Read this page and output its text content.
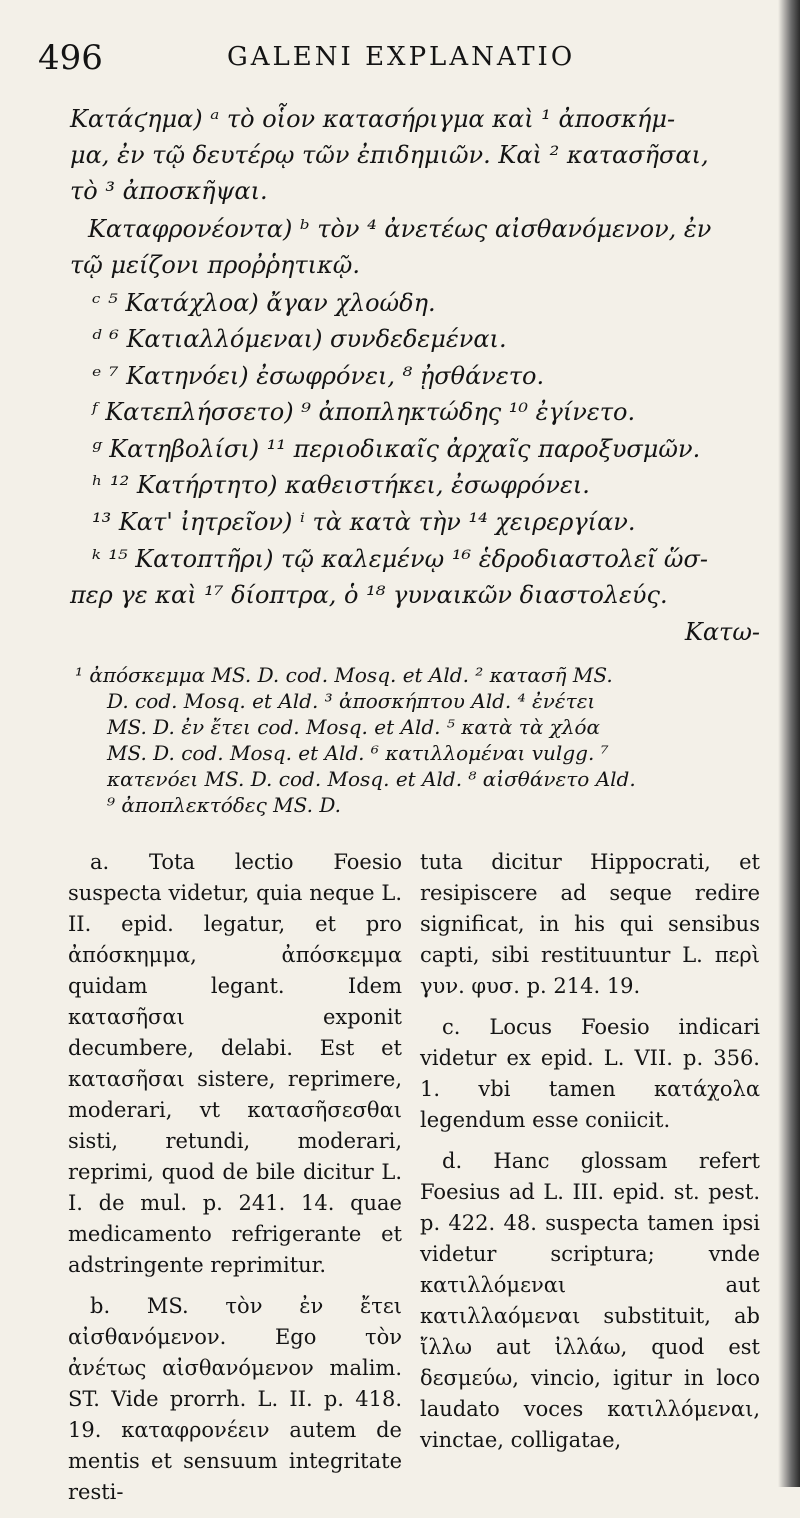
496	GALENI EXPLANATIO
Κατάϛημα) ᵃ τὸ οἷον κατασήριγμα καὶ ¹ ἀποσκήμ-
μα, ἐν τῷ δευτέρῳ τῶν ἐπιδημιῶν. Καὶ ² κατασῆσαι,
τὸ ³ ἀποσκῆψαι.
Καταφρονέοντα) ᵇ τὸν ⁴ ἀνετέως αἰσθανόμενον, ἐν
τῷ μείζονι προῤῥητικῷ.
ᶜ ⁵ Κατάχλοα) ἄγαν χλοώδη.
ᵈ ⁶ Κατιαλλόμεναι) συνδεδεμέναι.
ᵉ ⁷ Κατηνόει) ἐσωφρόνει, ⁸ ᾐσθάνετο.
ᶠ Κατεπλήσσετο) ⁹ ἀποπληκτώδης ¹⁰ ἐγίνετο.
ᵍ Κατηβολίσι) ¹¹ περιοδικαῖς ἀρχαῖς παροξυσμῶν.
ʰ ¹² Κατήρτητο) καθειστήκει, ἐσωφρόνει.
¹³ Κατ' ἰητρεῖον) ⁱ τὰ κατὰ τὴν ¹⁴ χειρεργίαν.
ᵏ ¹⁵ Κατοπτῆρι) τῷ καλεμένῳ ¹⁶ ἑδροδιαστολεῖ ὥσ-
περ γε καὶ ¹⁷ δίοπτρα, ὁ ¹⁸ γυναικῶν διαστολεύς.
Κατω-
¹ ἀπόσκεμμα MS. D. cod. Mosq. et Ald. ² κατασῆ MS.
D. cod. Mosq. et Ald. ³ ἀποσκήπτου Ald. ⁴ ἐνέτει
MS. D. ἐν ἔτει cod. Mosq. et Ald. ⁵ κατὰ τὰ χλόα
MS. D. cod. Mosq. et Ald. ⁶ κατιλλομέναι vulgg. ⁷
κατενόει MS. D. cod. Mosq. et Ald. ⁸ αἰσθάνετο Ald.
⁹ ἀποπλεκτόδες MS. D.

a. Tota lectio Foesio suspecta videtur, quia neque L. II. epid. legatur, et pro ἀπόσκημμα, ἀπόσκεμμα quidam legant. Idem κατασῆσαι exponit decumbere, delabi. Est et κατασῆσαι sistere, reprimere, moderari, vt κατασῆσεσθαι sisti, retundi, moderari, reprimi, quod de bile dicitur L. I. de mul. p. 241. 14. quae medicamento refrigerante et adstringente reprimitur.

b. MS. τὸν ἐν ἔτει αἰσθανόμενον. Ego τὸν ἀνέτως αἰσθανόμενον malim. ST. Vide prorrh. L. II. p. 418. 19. καταφρονέειν autem de mentis et sensuum integritate resti-

tuta dicitur Hippocrati, et resipiscere ad seque redire significat, in his qui sensibus capti, sibi restituuntur L. περὶ γυν. φυσ. p. 214. 19.

c. Locus Foesio indicari videtur ex epid. L. VII. p. 356. 1. vbi tamen κατάχολα legendum esse coniicit.

d. Hanc glossam refert Foesius ad L. III. epid. st. pest. p. 422. 48. suspecta tamen ipsi videtur scriptura; vnde κατιλλόμεναι aut κατιλλαόμεναι substituit, ab ἴλλω aut ἰλλάω, quod est δεσμεύω, vincio, igitur in loco laudato voces κατιλλόμεναι, vinctae, colligatae,
